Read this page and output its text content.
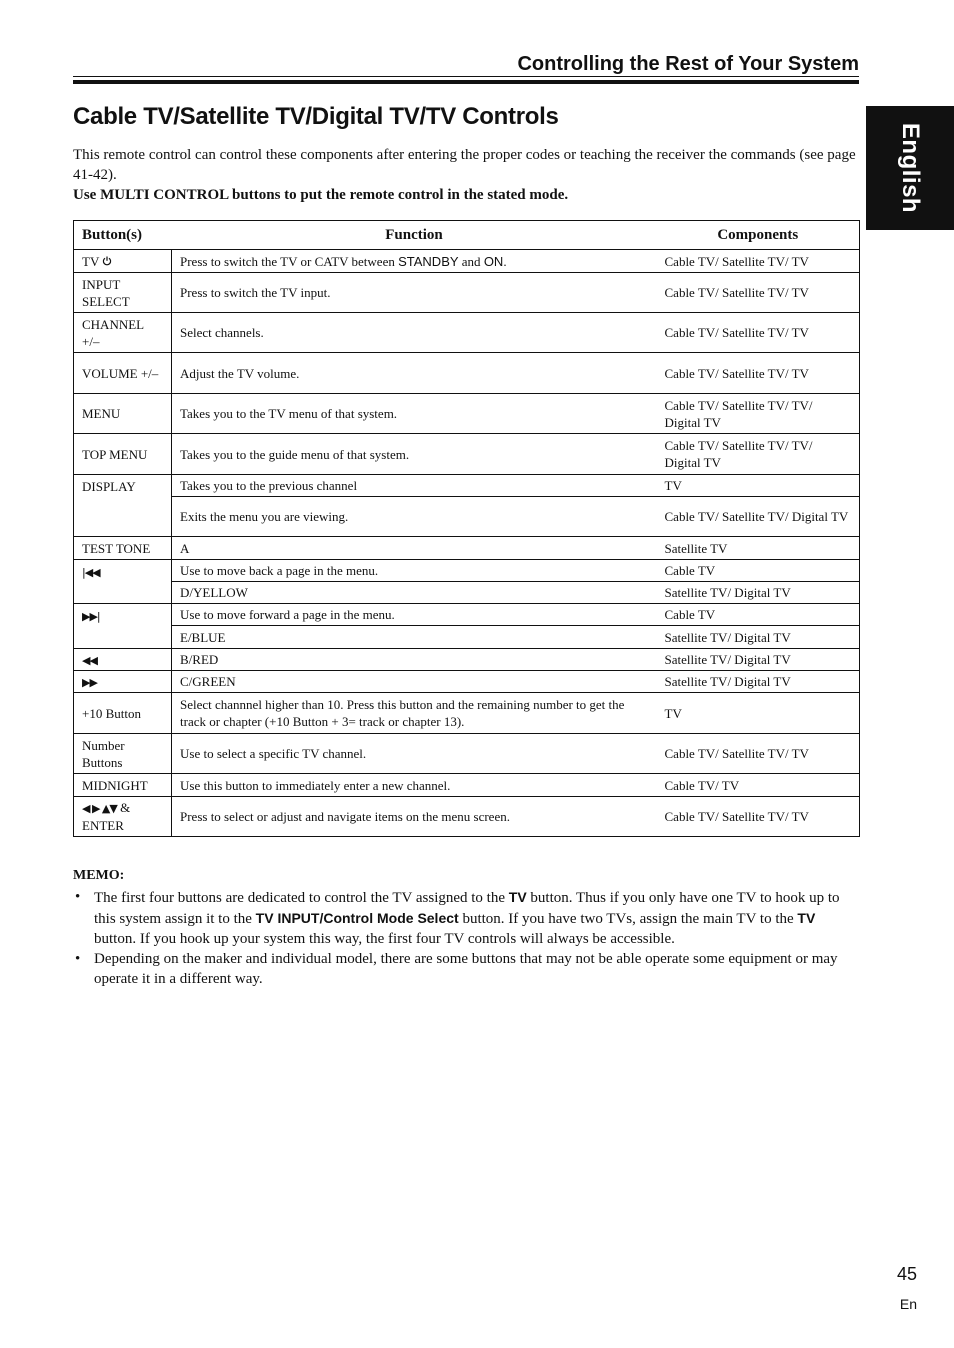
Controlling the Rest of Your System
English
Cable TV/Satellite TV/Digital TV/TV Controls

This remote control can control these components after entering the proper codes or teaching the receiver the commands (see page 41-42).
Use MULTI CONTROL buttons to put the remote control in the stated mode.

Button(s)	Function	Components
TV	Press to switch the TV or CATV between STANDBY and ON.	Cable TV/ Satellite TV/ TV
INPUT SELECT	Press to switch the TV input.	Cable TV/ Satellite TV/ TV
CHANNEL +/–	Select channels.	Cable TV/ Satellite TV/ TV
VOLUME +/–	Adjust the TV volume.	Cable TV/ Satellite TV/ TV
MENU	Takes you to the TV menu of that system.	Cable TV/ Satellite TV/ TV/ Digital TV
TOP MENU	Takes you to the guide menu of that system.	Cable TV/ Satellite TV/ TV/ Digital TV
DISPLAY	Takes you to the previous channel	TV
	Exits the menu you are viewing.	Cable TV/ Satellite TV/ Digital TV
TEST TONE	A	Satellite TV
|◀◀	Use to move back a page in the menu.	Cable TV
	D/YELLOW	Satellite TV/ Digital TV
▶▶|	Use to move forward a page in the menu.	Cable TV
	E/BLUE	Satellite TV/ Digital TV
◀◀	B/RED	Satellite TV/ Digital TV
▶▶	C/GREEN	Satellite TV/ Digital TV
+10 Button	Select channnel higher than 10. Press this button and the remaining number to get the track or chapter (+10 Button + 3= track or chapter 13).	TV
Number Buttons	Use to select a specific TV channel.	Cable TV/ Satellite TV/ TV
MIDNIGHT	Use this button to immediately enter a new channel.	Cable TV/ TV
◀ ▶ ▲▼ & ENTER	Press to select or adjust and navigate items on the menu screen.	Cable TV/ Satellite TV/ TV
MEMO:
• The first four buttons are dedicated to control the TV assigned to the TV button. Thus if you only have one TV to hook up to this system assign it to the TV INPUT/Control Mode Select button. If you have two TVs, assign the main TV to the TV button. If you hook up your system this way, the first four TV controls will always be accessible.
• Depending on the maker and individual model, there are some buttons that may not be able operate some equipment or may operate it in a different way.
45
En
